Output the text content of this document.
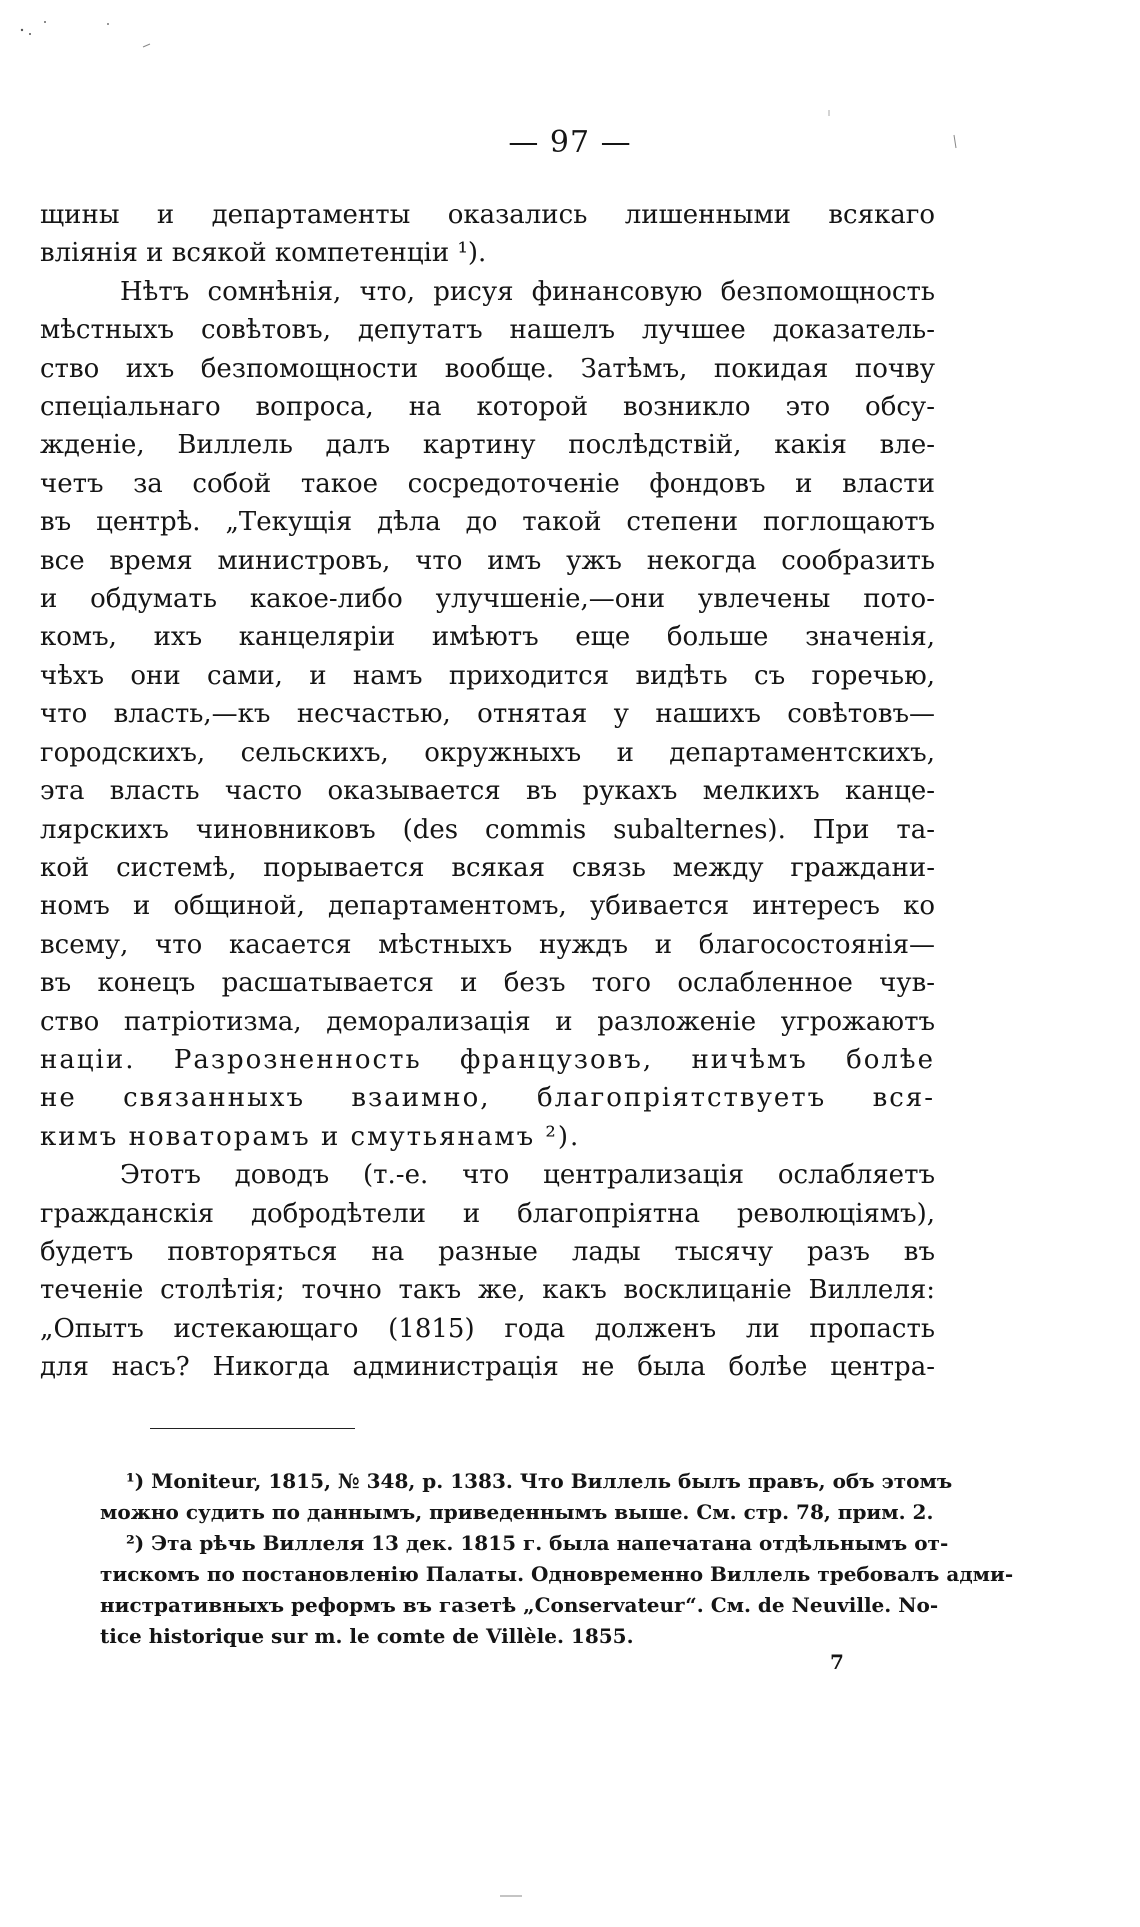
— 97 —
щины и департаменты оказались лишенными всякаго
вліянія и всякой компетенціи ¹).
Нѣтъ сомнѣнія, что, рисуя финансовую безпомощность
мѣстныхъ совѣтовъ, депутатъ нашелъ лучшее доказатель-
ство ихъ безпомощности вообще. Затѣмъ, покидая почву
спеціальнаго вопроса, на которой возникло это обсу-
жденіе, Виллель далъ картину послѣдствій, какія вле-
четъ за собой такое сосредоточеніе фондовъ и власти
въ центрѣ. „Текущія дѣла до такой степени поглощаютъ
все время министровъ, что имъ ужъ некогда сообразить
и обдумать какое-либо улучшеніе,—они увлечены пото-
комъ, ихъ канцеляріи имѣютъ еще больше значенія,
чѣхъ они сами, и намъ приходится видѣть съ горечью,
что власть,—къ несчастью, отнятая у нашихъ совѣтовъ—
городскихъ, сельскихъ, окружныхъ и департаментскихъ,
эта власть часто оказывается въ рукахъ мелкихъ канце-
лярскихъ чиновниковъ (des commis subalternes). При та-
кой системѣ, порывается всякая связь между граждани-
номъ и общиной, департаментомъ, убивается интересъ ко
всему, что касается мѣстныхъ нуждъ и благосостоянія—
въ конецъ расшатывается и безъ того ослабленное чув-
ство патріотизма, деморализація и разложеніе угрожаютъ
націи. Разрозненность французовъ, ничѣмъ болѣе
не связанныхъ взаимно, благопріятствуетъ вся-
кимъ новаторамъ и смутьянамъ ²).
Этотъ доводъ (т.-е. что централизація ослабляетъ
гражданскія добродѣтели и благопріятна революціямъ),
будетъ повторяться на разные лады тысячу разъ въ
теченіе столѣтія; точно такъ же, какъ восклицаніе Виллеля:
„Опытъ истекающаго (1815) года долженъ ли пропасть
для насъ? Никогда администрація не была болѣе центра-
¹) Moniteur, 1815, № 348, p. 1383. Что Виллель былъ правъ, объ этомъ
можно судить по даннымъ, приведеннымъ выше. См. стр. 78, прим. 2.
²) Эта рѣчь Виллеля 13 дек. 1815 г. была напечатана отдѣльнымъ от-
тискомъ по постановленію Палаты. Одновременно Виллель требовалъ адми-
нистративныхъ реформъ въ газетѣ „Conservateur“. См. de Neuville. No-
tice historique sur m. le comte de Villèle. 1855.
7
